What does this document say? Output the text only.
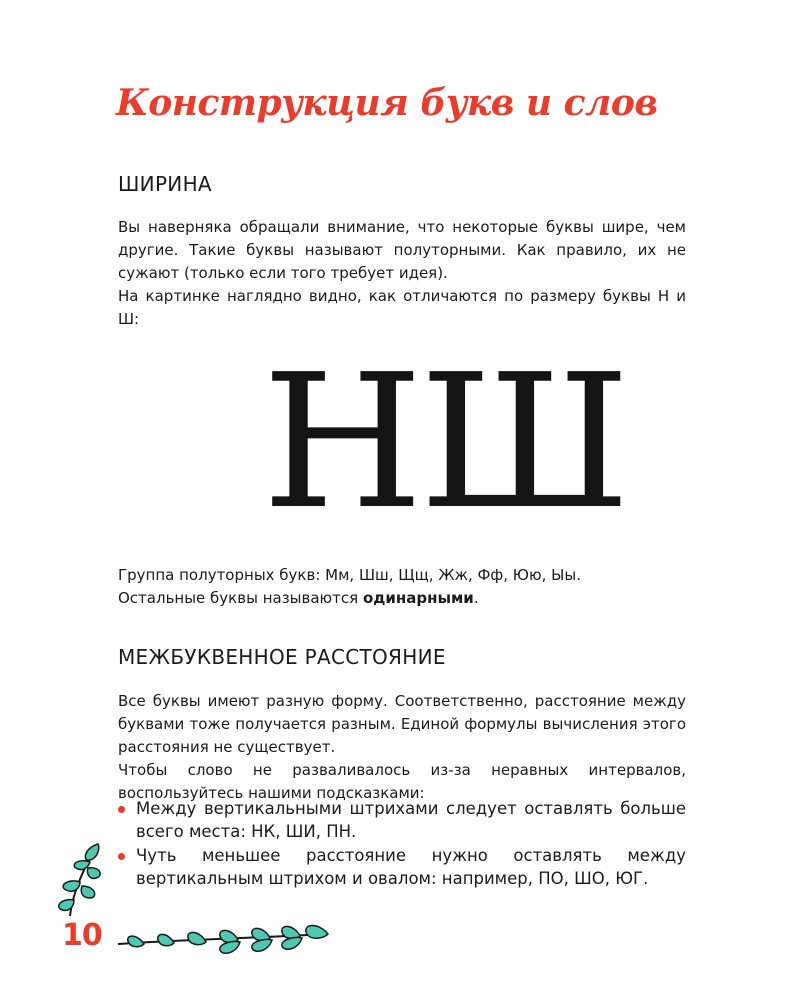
Конструкция букв и слов
ШИРИНА

Вы наверняка обращали внимание, что некоторые буквы шире, чем другие. Такие буквы называют полуторными. Как правило, их не сужают (только если того требует идея).

На картинке наглядно видно, как отличаются по размеру буквы Н и Ш:

НШ

Группа полуторных букв: Мм, Шш, Щщ, Жж, Фф, Юю, Ыы.

Остальные буквы называются одинарными.

МЕЖБУКВЕННОЕ РАССТОЯНИЕ

Все буквы имеют разную форму. Соответственно, расстояние между буквами тоже получается разным. Единой формулы вычисления этого расстояния не существует.

Чтобы слово не разваливалось из-за неравных интервалов, воспользуйтесь нашими подсказками:

Между вертикальными штрихами следует оставлять больше всего места: НК, ШИ, ПН.
Чуть меньшее расстояние нужно оставлять между вертикальным штрихом и овалом: например, ПО, ШО, ЮГ.
10
